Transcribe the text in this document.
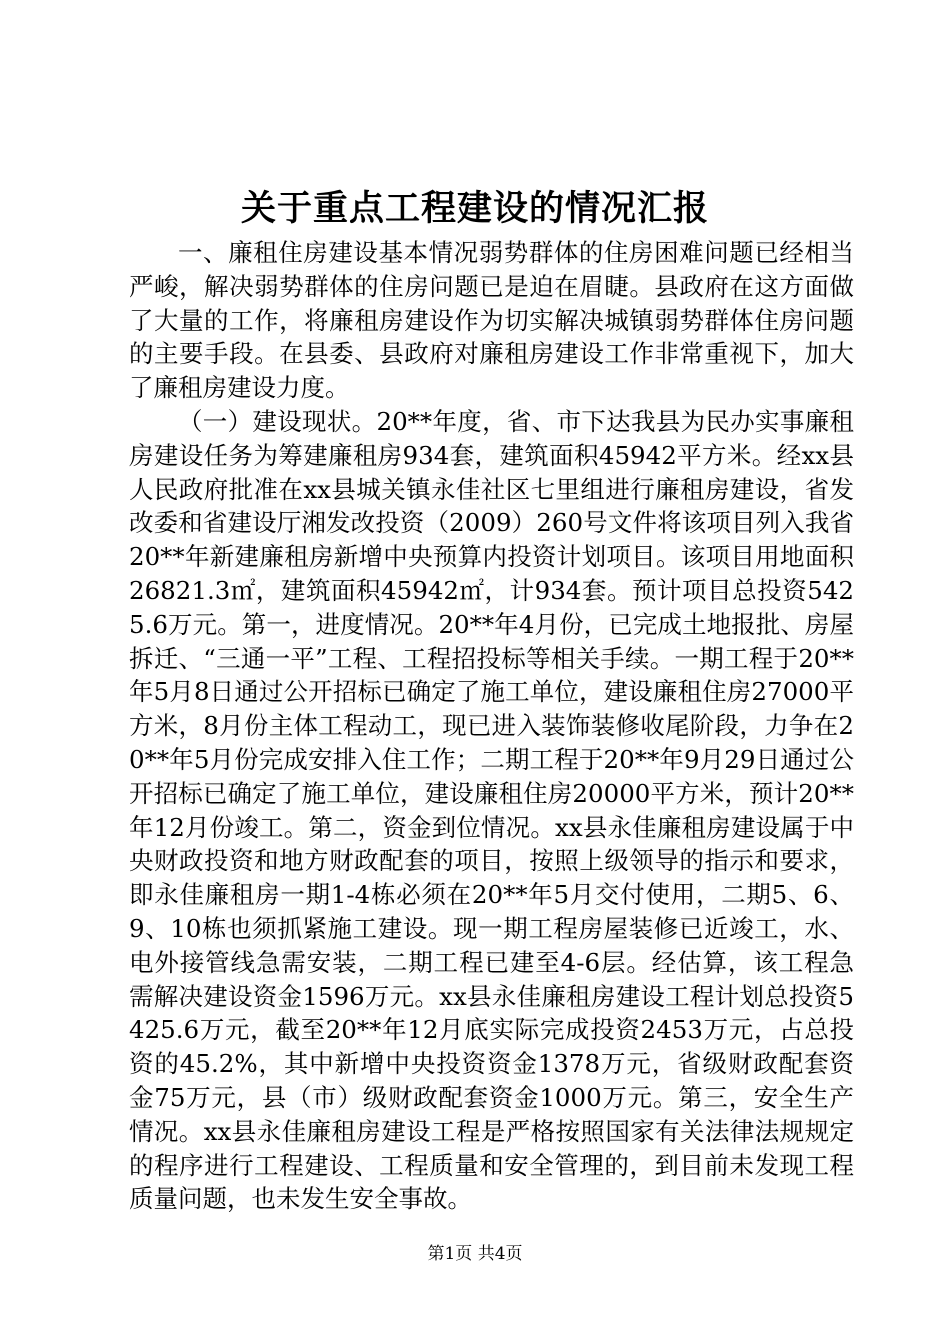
关于重点工程建设的情况汇报

一、廉租住房建设基本情况弱势群体的住房困难问题已经相当严峻，解决弱势群体的住房问题已是迫在眉睫。县政府在这方面做了大量的工作，将廉租房建设作为切实解决城镇弱势群体住房问题的主要手段。在县委、县政府对廉租房建设工作非常重视下，加大了廉租房建设力度。

（一）建设现状。20**年度，省、市下达我县为民办实事廉租房建设任务为筹建廉租房934套，建筑面积45942平方米。经xx县人民政府批准在xx县城关镇永佳社区七里组进行廉租房建设，省发改委和省建设厅湘发改投资（2009）260号文件将该项目列入我省20**年新建廉租房新增中央预算内投资计划项目。该项目用地面积26821.3㎡，建筑面积45942㎡，计934套。预计项目总投资5425.6万元。第一，进度情况。20**年4月份，已完成土地报批、房屋拆迁、“三通一平”工程、工程招投标等相关手续。一期工程于20**年5月8日通过公开招标已确定了施工单位，建设廉租住房27000平方米，8月份主体工程动工，现已进入装饰装修收尾阶段，力争在20**年5月份完成安排入住工作；二期工程于20**年9月29日通过公开招标已确定了施工单位，建设廉租住房20000平方米，预计20**年12月份竣工。第二，资金到位情况。xx县永佳廉租房建设属于中央财政投资和地方财政配套的项目，按照上级领导的指示和要求，即永佳廉租房一期1-4栋必须在20**年5月交付使用，二期5、6、9、10栋也须抓紧施工建设。现一期工程房屋装修已近竣工，水、电外接管线急需安装，二期工程已建至4-6层。经估算，该工程急需解决建设资金1596万元。xx县永佳廉租房建设工程计划总投资5425.6万元，截至20**年12月底实际完成投资2453万元，占总投资的45.2%，其中新增中央投资资金1378万元，省级财政配套资金75万元，县（市）级财政配套资金1000万元。第三，安全生产情况。xx县永佳廉租房建设工程是严格按照国家有关法律法规规定的程序进行工程建设、工程质量和安全管理的，到目前未发现工程质量问题，也未发生安全事故。

第1页 共4页
